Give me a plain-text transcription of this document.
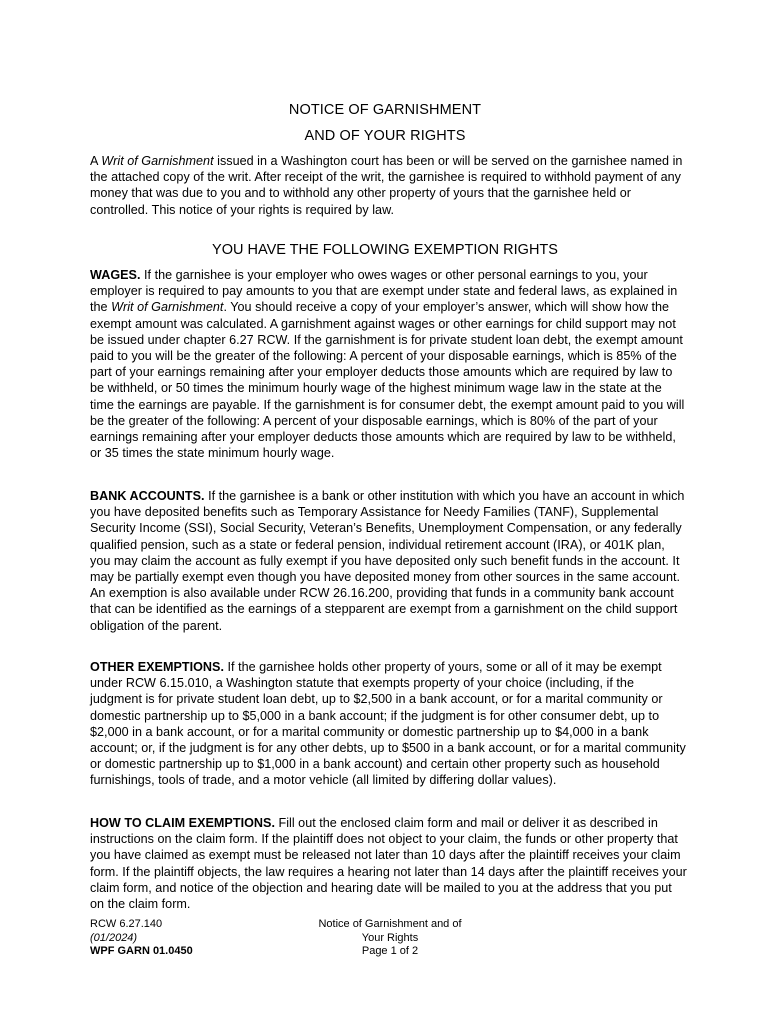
NOTICE OF GARNISHMENT
AND OF YOUR RIGHTS
A Writ of Garnishment issued in a Washington court has been or will be served on the garnishee named in the attached copy of the writ. After receipt of the writ, the garnishee is required to withhold payment of any money that was due to you and to withhold any other property of yours that the garnishee held or controlled. This notice of your rights is required by law.
YOU HAVE THE FOLLOWING EXEMPTION RIGHTS
WAGES. If the garnishee is your employer who owes wages or other personal earnings to you, your employer is required to pay amounts to you that are exempt under state and federal laws, as explained in the Writ of Garnishment. You should receive a copy of your employer’s answer, which will show how the exempt amount was calculated. A garnishment against wages or other earnings for child support may not be issued under chapter 6.27 RCW. If the garnishment is for private student loan debt, the exempt amount paid to you will be the greater of the following: A percent of your disposable earnings, which is 85% of the part of your earnings remaining after your employer deducts those amounts which are required by law to be withheld, or 50 times the minimum hourly wage of the highest minimum wage law in the state at the time the earnings are payable. If the garnishment is for consumer debt, the exempt amount paid to you will be the greater of the following: A percent of your disposable earnings, which is 80% of the part of your earnings remaining after your employer deducts those amounts which are required by law to be withheld, or 35 times the state minimum hourly wage.
BANK ACCOUNTS. If the garnishee is a bank or other institution with which you have an account in which you have deposited benefits such as Temporary Assistance for Needy Families (TANF), Supplemental Security Income (SSI), Social Security, Veteran’s Benefits, Unemployment Compensation, or any federally qualified pension, such as a state or federal pension, individual retirement account (IRA), or 401K plan, you may claim the account as fully exempt if you have deposited only such benefit funds in the account. It may be partially exempt even though you have deposited money from other sources in the same account. An exemption is also available under RCW 26.16.200, providing that funds in a community bank account that can be identified as the earnings of a stepparent are exempt from a garnishment on the child support obligation of the parent.
OTHER EXEMPTIONS. If the garnishee holds other property of yours, some or all of it may be exempt under RCW 6.15.010, a Washington statute that exempts property of your choice (including, if the judgment is for private student loan debt, up to $2,500 in a bank account, or for a marital community or domestic partnership up to $5,000 in a bank account; if the judgment is for other consumer debt, up to $2,000 in a bank account, or for a marital community or domestic partnership up to $4,000 in a bank account; or, if the judgment is for any other debts, up to $500 in a bank account, or for a marital community or domestic partnership up to $1,000 in a bank account) and certain other property such as household furnishings, tools of trade, and a motor vehicle (all limited by differing dollar values).
HOW TO CLAIM EXEMPTIONS. Fill out the enclosed claim form and mail or deliver it as described in instructions on the claim form. If the plaintiff does not object to your claim, the funds or other property that you have claimed as exempt must be released not later than 10 days after the plaintiff receives your claim form. If the plaintiff objects, the law requires a hearing not later than 14 days after the plaintiff receives your claim form, and notice of the objection and hearing date will be mailed to you at the address that you put on the claim form.
RCW 6.27.140
(01/2024)
WPF GARN 01.0450
Notice of Garnishment and of
Your Rights
Page 1 of 2
